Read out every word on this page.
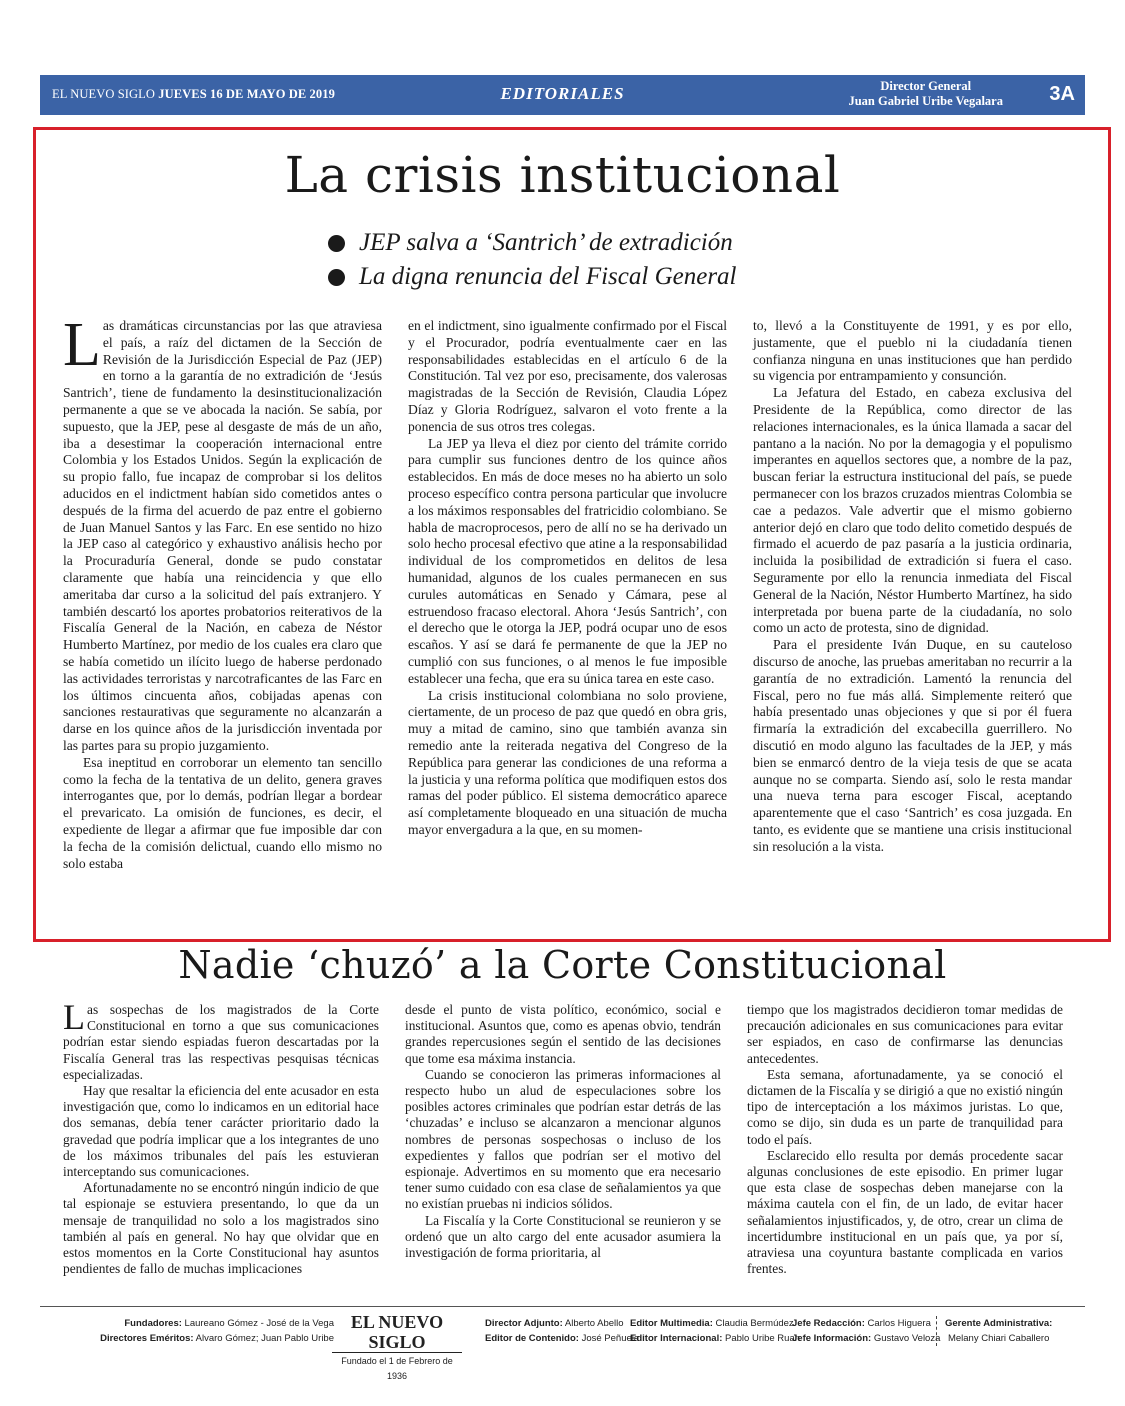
EL NUEVO SIGLO JUEVES 16 DE MAYO DE 2019	EDITORIALES	Director General
Juan Gabriel Uribe Vegalara 3A
La crisis institucional
JEP salva a ‘Santrich’ de extradición
La digna renuncia del Fiscal General

Las dramáticas circunstancias por las que atraviesa el país, a raíz del dictamen de la Sección de Revisión de la Jurisdicción Especial de Paz (JEP) en torno a la garantía de no extradición de ‘Jesús Santrich’, tiene de fundamento la desinstitucionalización permanente a que se ve abocada la nación. Se sabía, por supuesto, que la JEP, pese al desgaste de más de un año, iba a desestimar la cooperación internacional entre Colombia y los Estados Unidos. Según la explicación de su propio fallo, fue incapaz de comprobar si los delitos aducidos en el indictment habían sido cometidos antes o después de la firma del acuerdo de paz entre el gobierno de Juan Manuel Santos y las Farc. En ese sentido no hizo la JEP caso al categórico y exhaustivo análisis hecho por la Procuraduría General, donde se pudo constatar claramente que había una reincidencia y que ello ameritaba dar curso a la solicitud del país extranjero. Y también descartó los aportes probatorios reiterativos de la Fiscalía General de la Nación, en cabeza de Néstor Humberto Martínez, por medio de los cuales era claro que se había cometido un ilícito luego de haberse perdonado las actividades terroristas y narcotraficantes de las Farc en los últimos cincuenta años, cobijadas apenas con sanciones restaurativas que seguramente no alcanzarán a darse en los quince años de la jurisdicción inventada por las partes para su propio juzgamiento.

Esa ineptitud en corroborar un elemento tan sencillo como la fecha de la tentativa de un delito, genera graves interrogantes que, por lo demás, podrían llegar a bordear el prevaricato. La omisión de funciones, es decir, el expediente de llegar a afirmar que fue imposible dar con la fecha de la comisión delictual, cuando ello mismo no solo estaba

en el indictment, sino igualmente confirmado por el Fiscal y el Procurador, podría eventualmente caer en las responsabilidades establecidas en el artículo 6 de la Constitución. Tal vez por eso, precisamente, dos valerosas magistradas de la Sección de Revisión, Claudia López Díaz y Gloria Rodríguez, salvaron el voto frente a la ponencia de sus otros tres colegas.

La JEP ya lleva el diez por ciento del trámite corrido para cumplir sus funciones dentro de los quince años establecidos. En más de doce meses no ha abierto un solo proceso específico contra persona particular que involucre a los máximos responsables del fratricidio colombiano. Se habla de macroprocesos, pero de allí no se ha derivado un solo hecho procesal efectivo que atine a la responsabilidad individual de los comprometidos en delitos de lesa humanidad, algunos de los cuales permanecen en sus curules automáticas en Senado y Cámara, pese al estruendoso fracaso electoral. Ahora ‘Jesús Santrich’, con el derecho que le otorga la JEP, podrá ocupar uno de esos escaños. Y así se dará fe permanente de que la JEP no cumplió con sus funciones, o al menos le fue imposible establecer una fecha, que era su única tarea en este caso.

La crisis institucional colombiana no solo proviene, ciertamente, de un proceso de paz que quedó en obra gris, muy a mitad de camino, sino que también avanza sin remedio ante la reiterada negativa del Congreso de la República para generar las condiciones de una reforma a la justicia y una reforma política que modifiquen estos dos ramas del poder público. El sistema democrático aparece así completamente bloqueado en una situación de mucha mayor envergadura a la que, en su momen-

to, llevó a la Constituyente de 1991, y es por ello, justamente, que el pueblo ni la ciudadanía tienen confianza ninguna en unas instituciones que han perdido su vigencia por entrampamiento y consunción.

La Jefatura del Estado, en cabeza exclusiva del Presidente de la República, como director de las relaciones internacionales, es la única llamada a sacar del pantano a la nación. No por la demagogia y el populismo imperantes en aquellos sectores que, a nombre de la paz, buscan feriar la estructura institucional del país, se puede permanecer con los brazos cruzados mientras Colombia se cae a pedazos. Vale advertir que el mismo gobierno anterior dejó en claro que todo delito cometido después de firmado el acuerdo de paz pasaría a la justicia ordinaria, incluida la posibilidad de extradición si fuera el caso. Seguramente por ello la renuncia inmediata del Fiscal General de la Nación, Néstor Humberto Martínez, ha sido interpretada por buena parte de la ciudadanía, no solo como un acto de protesta, sino de dignidad.

Para el presidente Iván Duque, en su cauteloso discurso de anoche, las pruebas ameritaban no recurrir a la garantía de no extradición. Lamentó la renuncia del Fiscal, pero no fue más allá. Simplemente reiteró que había presentado unas objeciones y que si por él fuera firmaría la extradición del excabecilla guerrillero. No discutió en modo alguno las facultades de la JEP, y más bien se enmarcó dentro de la vieja tesis de que se acata aunque no se comparta. Siendo así, solo le resta mandar una nueva terna para escoger Fiscal, aceptando aparentemente que el caso ‘Santrich’ es cosa juzgada. En tanto, es evidente que se mantiene una crisis institucional sin resolución a la vista.

Nadie ‘chuzó’ a la Corte Constitucional

Las sospechas de los magistrados de la Corte Constitucional en torno a que sus comunicaciones podrían estar siendo espiadas fueron descartadas por la Fiscalía General tras las respectivas pesquisas técnicas especializadas.

Hay que resaltar la eficiencia del ente acusador en esta investigación que, como lo indicamos en un editorial hace dos semanas, debía tener carácter prioritario dado la gravedad que podría implicar que a los integrantes de uno de los máximos tribunales del país les estuvieran interceptando sus comunicaciones.

Afortunadamente no se encontró ningún indicio de que tal espionaje se estuviera presentando, lo que da un mensaje de tranquilidad no solo a los magistrados sino también al país en general. No hay que olvidar que en estos momentos en la Corte Constitucional hay asuntos pendientes de fallo de muchas implicaciones

desde el punto de vista político, económico, social e institucional. Asuntos que, como es apenas obvio, tendrán grandes repercusiones según el sentido de las decisiones que tome esa máxima instancia.

Cuando se conocieron las primeras informaciones al respecto hubo un alud de especulaciones sobre los posibles actores criminales que podrían estar detrás de las ‘chuzadas’ e incluso se alcanzaron a mencionar algunos nombres de personas sospechosas o incluso de los expedientes y fallos que podrían ser el motivo del espionaje. Advertimos en su momento que era necesario tener sumo cuidado con esa clase de señalamientos ya que no existían pruebas ni indicios sólidos.

La Fiscalía y la Corte Constitucional se reunieron y se ordenó que un alto cargo del ente acusador asumiera la investigación de forma prioritaria, al

tiempo que los magistrados decidieron tomar medidas de precaución adicionales en sus comunicaciones para evitar ser espiados, en caso de confirmarse las denuncias antecedentes.

Esta semana, afortunadamente, ya se conoció el dictamen de la Fiscalía y se dirigió a que no existió ningún tipo de interceptación a los máximos juristas. Lo que, como se dijo, sin duda es un parte de tranquilidad para todo el país.

Esclarecido ello resulta por demás procedente sacar algunas conclusiones de este episodio. En primer lugar que esta clase de sospechas deben manejarse con la máxima cautela con el fin, de un lado, de evitar hacer señalamientos injustificados, y, de otro, crear un clima de incertidumbre institucional en un país que, ya por sí, atraviesa una coyuntura bastante complicada en varios frentes.

Fundadores: Laureano Gómez - José de la Vega
Directores Eméritos: Alvaro Gómez; Juan Pablo Uribe
EL NUEVO SIGLO
Fundado el 1 de Febrero de 1936
Director Adjunto: Alberto Abello
Editor de Contenido: José Peñuela
Editor Multimedia: Claudia Bermúdez
Editor Internacional: Pablo Uribe Ruan
Jefe Redacción: Carlos Higuera
Jefe Información: Gustavo Veloza
Gerente Administrativa:
Melany Chiari Caballero
